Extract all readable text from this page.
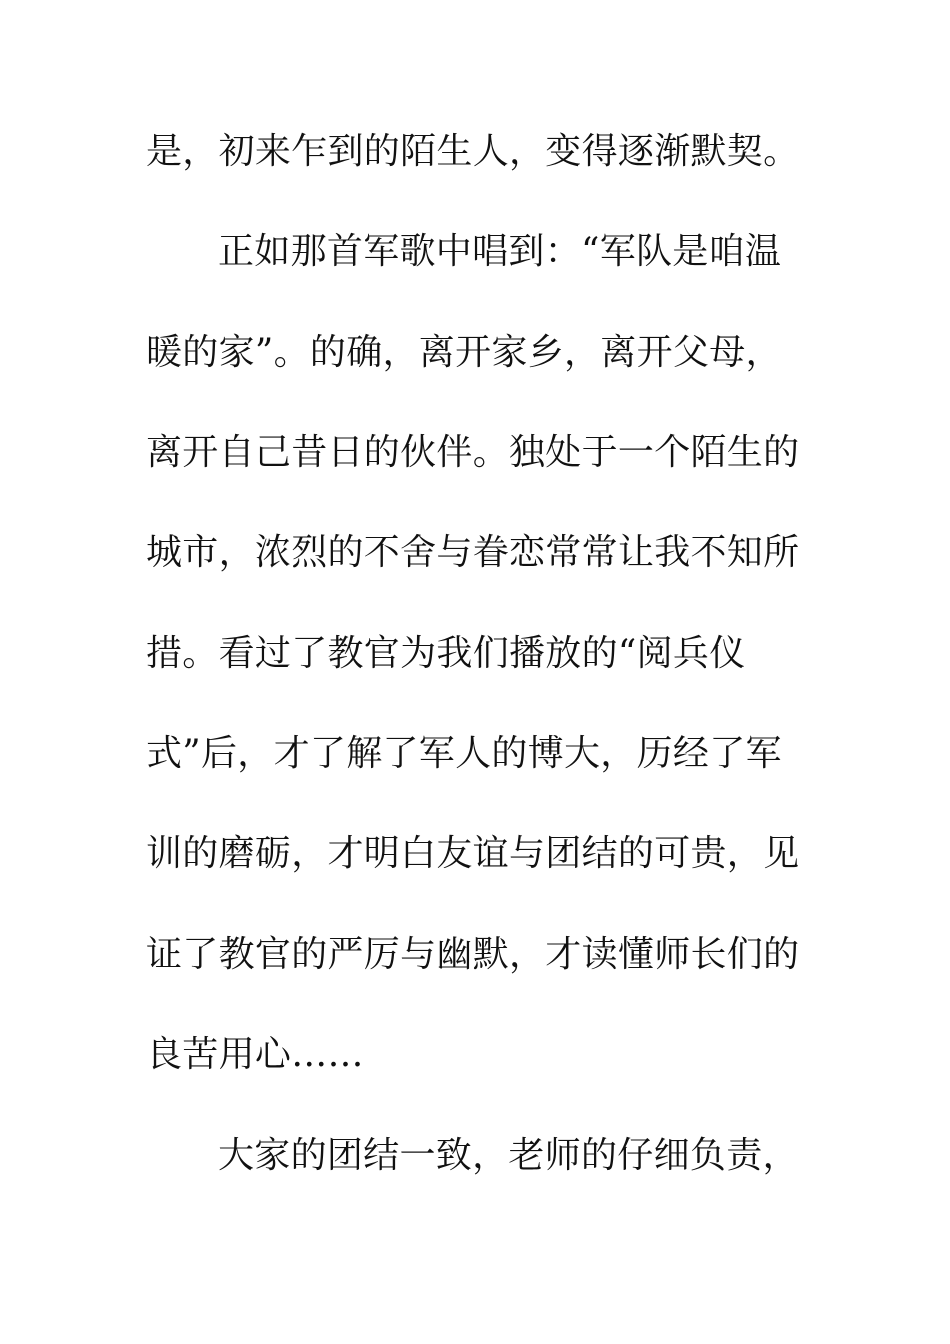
是，初来乍到的陌生人，变得逐渐默契。
正如那首军歌中唱到：“军队是咱温
暖的家”。的确，离开家乡，离开父母，
离开自己昔日的伙伴。独处于一个陌生的
城市，浓烈的不舍与眷恋常常让我不知所
措。看过了教官为我们播放的“阅兵仪
式”后，才了解了军人的博大，历经了军
训的磨砺，才明白友谊与团结的可贵，见
证了教官的严厉与幽默，才读懂师长们的
良苦用心……
大家的团结一致，老师的仔细负责，
